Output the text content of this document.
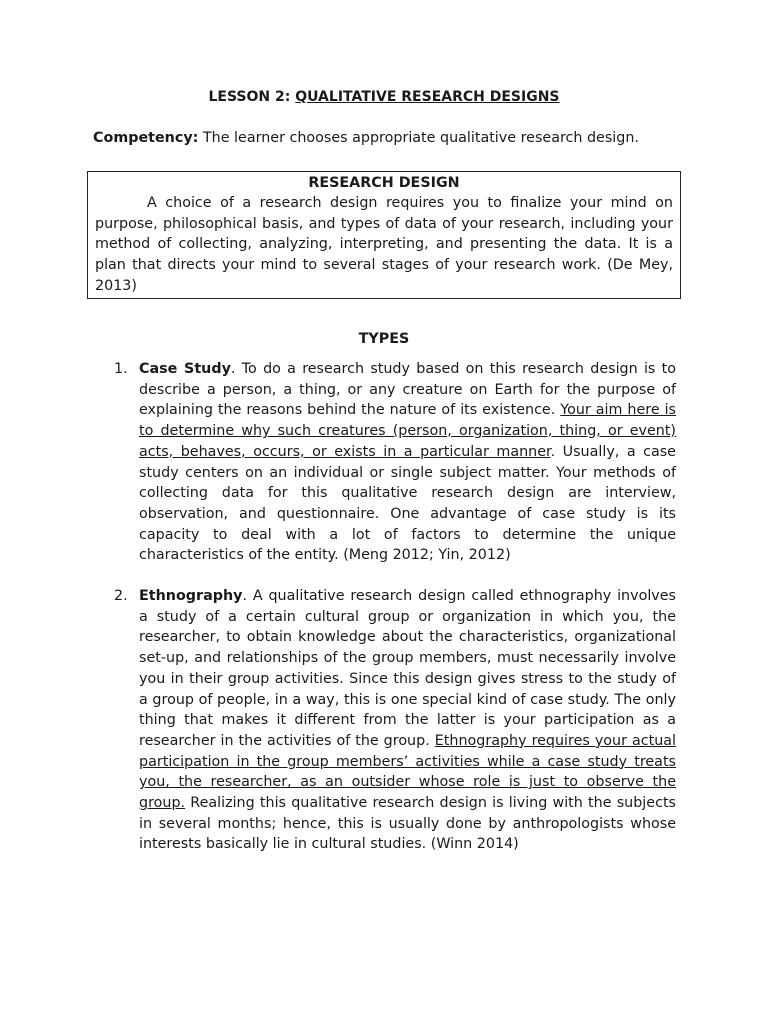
LESSON 2: QUALITATIVE RESEARCH DESIGNS
Competency: The learner chooses appropriate qualitative research design.
RESEARCH DESIGN
A choice of a research design requires you to finalize your mind on purpose, philosophical basis, and types of data of your research, including your method of collecting, analyzing, interpreting, and presenting the data. It is a plan that directs your mind to several stages of your research work. (De Mey, 2013)
TYPES
1. Case Study. To do a research study based on this research design is to describe a person, a thing, or any creature on Earth for the purpose of explaining the reasons behind the nature of its existence. Your aim here is to determine why such creatures (person, organization, thing, or event) acts, behaves, occurs, or exists in a particular manner. Usually, a case study centers on an individual or single subject matter. Your methods of collecting data for this qualitative research design are interview, observation, and questionnaire. One advantage of case study is its capacity to deal with a lot of factors to determine the unique characteristics of the entity. (Meng 2012; Yin, 2012)
2. Ethnography. A qualitative research design called ethnography involves a study of a certain cultural group or organization in which you, the researcher, to obtain knowledge about the characteristics, organizational set-up, and relationships of the group members, must necessarily involve you in their group activities. Since this design gives stress to the study of a group of people, in a way, this is one special kind of case study. The only thing that makes it different from the latter is your participation as a researcher in the activities of the group. Ethnography requires your actual participation in the group members’ activities while a case study treats you, the researcher, as an outsider whose role is just to observe the group. Realizing this qualitative research design is living with the subjects in several months; hence, this is usually done by anthropologists whose interests basically lie in cultural studies. (Winn 2014)
